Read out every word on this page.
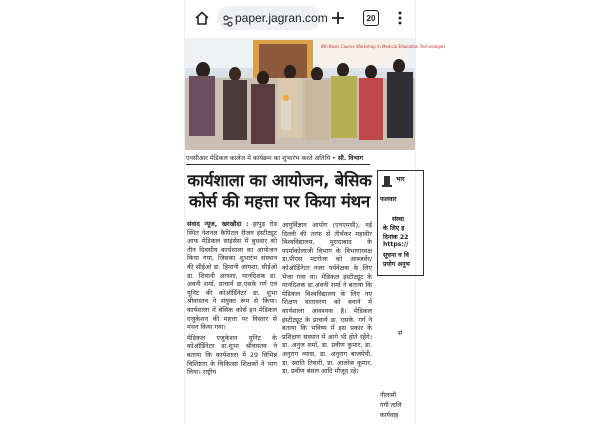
paper.jagran.com	20
8th Basic Course Workshop in Medical Education Technologies
एनसीआर मेडिकल कालेज में कार्यक्रम का शुभारंभ करते अतिथि • सौ. विभाग
कार्यशाला का आयोजन, बेसिक
कोर्स की महत्ता पर किया मंथन

संवाद न्यूज, खरखौदा : हापुड़ रोड स्थित नेशनल कैपिटल रीजन इंस्टीट्यूट आफ मेडिकल साइंसेस में बुधवार को तीन दिवसीय कार्यशाला का आयोजन किया गया, जिसका शुभारंभ संस्थान की सीईओ डा. हिमानी आयशा, सीईओ डा. शिवानी आयशा, मानदिशक डा. अवनी शर्मा, प्राचार्य डा.एसके गर्ग एवं यूनिट की कोऑर्डिनेटर डा. शुभा श्रीवास्तव ने संयुक्त रूप से किया। कार्यशाला में बेसिक कोर्स इन मेडिकल एजुकेशन की महत्ता पर विस्तार से मंथन किया गया।

मेडिकल एजुकेशन यूनिट के कोऑर्डिनेटर डा.शुभा श्रीवास्तव ने बताया कि कार्यशाला में 29 विभिन्न विशिष्टता के चिकित्सा शिक्षकों ने भाग लिया। राष्ट्रीय

आयुर्विज्ञान आयोग (एनएमसी), नई दिल्ली की तरफ से तीर्थंकर महावीर विश्वविद्यालय, मुरादाबाद के फार्माकोलाजी विभाग के विभागाध्यक्ष डा.पीएस मटरोजा को आब्जर्वर/कोऑर्डिनेटर नजर पर्यवेक्षक के लिए भेजा गया था। मेडिकल इंस्टीट्यूट के मानदिशक डा.अवनी शर्मा ने बताया कि मेडिकल विश्वविद्यालय के लिए नए शिक्षण वातावरण को बनाने में कार्यशाला आवश्यक है। मेडिकल इंस्टीट्यूट के प्राचार्य डा. एसके. गर्ग ने बताया कि भविष्य में इस प्रकार के प्रशिक्षण संस्थान में आगे भी होते रहेंगे। डा. अनुज शर्मा, डा. प्रवीण कुमार, डा. अनुराग व्यास, डा. अनुराग बाजपेयी, डा. स्वाति तिवारी, डा. आलोक कुमार, डा. प्रवीण बंसल आदि मौजूद रहे।

भार
फलवार
संस्था
के लिए इ
दिनांक 22
https://
सूचना व वि
प्रयोग अनुभ
सं
नीलामी
गयी तालि
कार्यवाह
